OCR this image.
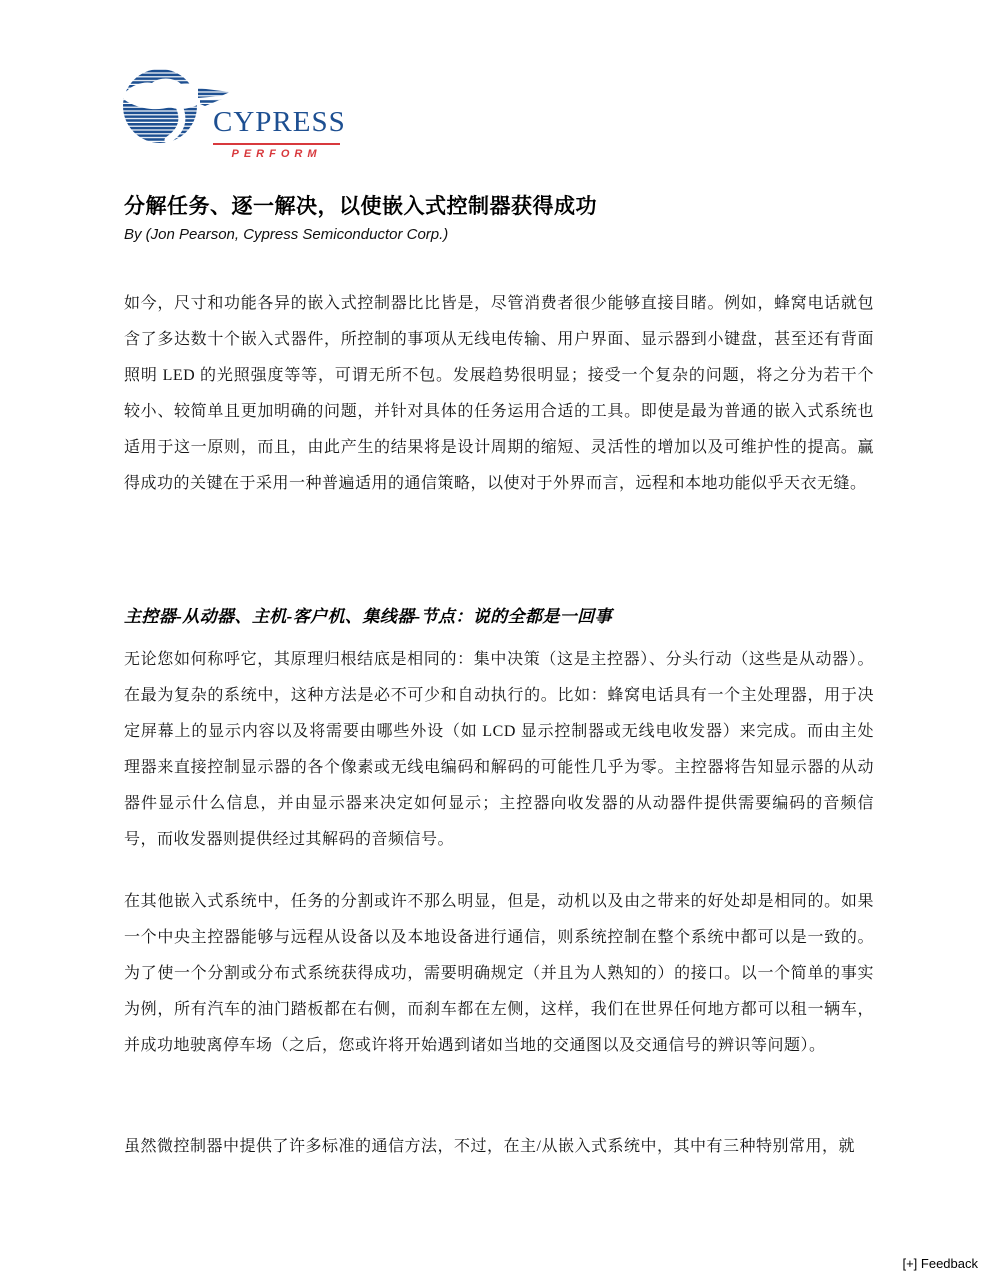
CYPRESS
PERFORM
分解任务、逐一解决，以使嵌入式控制器获得成功
By (Jon Pearson, Cypress Semiconductor Corp.)

如今，尺寸和功能各异的嵌入式控制器比比皆是，尽管消费者很少能够直接目睹。例如，蜂窝电话就包含了多达数十个嵌入式器件，所控制的事项从无线电传输、用户界面、显示器到小键盘，甚至还有背面照明 LED 的光照强度等等，可谓无所不包。发展趋势很明显；接受一个复杂的问题，将之分为若干个较小、较简单且更加明确的问题，并针对具体的任务运用合适的工具。即使是最为普通的嵌入式系统也适用于这一原则，而且，由此产生的结果将是设计周期的缩短、灵活性的增加以及可维护性的提高。赢得成功的关键在于采用一种普遍适用的通信策略，以使对于外界而言，远程和本地功能似乎天衣无缝。

主控器-从动器、主机-客户机、集线器-节点：说的全都是一回事

无论您如何称呼它，其原理归根结底是相同的：集中决策（这是主控器）、分头行动（这些是从动器）。在最为复杂的系统中，这种方法是必不可少和自动执行的。比如：蜂窝电话具有一个主处理器，用于决定屏幕上的显示内容以及将需要由哪些外设（如 LCD 显示控制器或无线电收发器）来完成。而由主处理器来直接控制显示器的各个像素或无线电编码和解码的可能性几乎为零。主控器将告知显示器的从动器件显示什么信息，并由显示器来决定如何显示；主控器向收发器的从动器件提供需要编码的音频信号，而收发器则提供经过其解码的音频信号。

在其他嵌入式系统中，任务的分割或许不那么明显，但是，动机以及由之带来的好处却是相同的。如果一个中央主控器能够与远程从设备以及本地设备进行通信，则系统控制在整个系统中都可以是一致的。为了使一个分割或分布式系统获得成功，需要明确规定（并且为人熟知的）的接口。以一个简单的事实为例，所有汽车的油门踏板都在右侧，而刹车都在左侧，这样，我们在世界任何地方都可以租一辆车，并成功地驶离停车场（之后，您或许将开始遇到诸如当地的交通图以及交通信号的辨识等问题）。

虽然微控制器中提供了许多标准的通信方法，不过，在主/从嵌入式系统中，其中有三种特别常用，就

[+] Feedback
